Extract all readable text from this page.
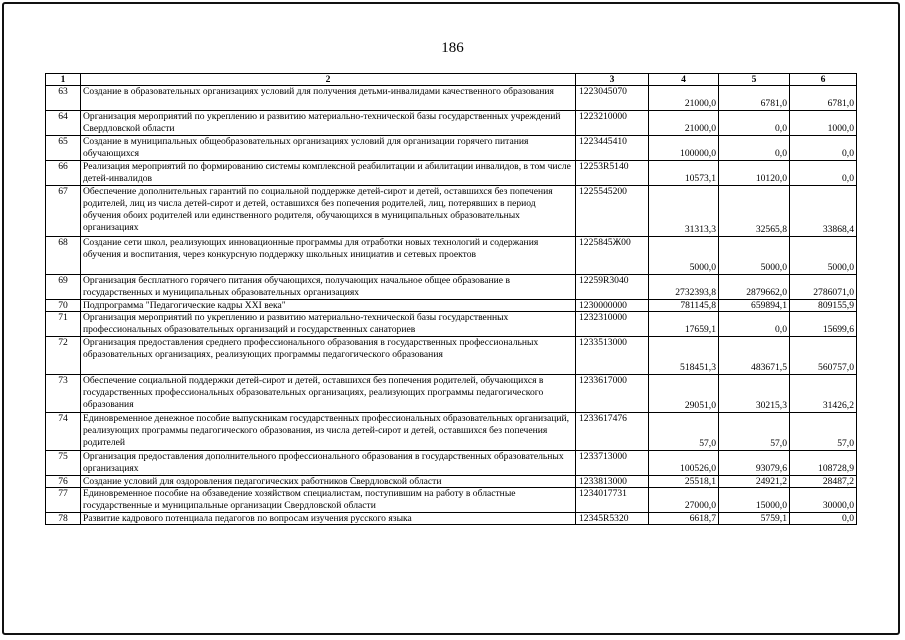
186
1	2	3	4	5	6
63	Создание в образовательных организациях условий для получения детьми-инвалидами качественного образования	1223045070	21000,0	6781,0	6781,0
64	Организация мероприятий по укреплению и развитию материально-технической базы государственных учреждений Свердловской области	1223210000	21000,0	0,0	1000,0
65	Создание в муниципальных общеобразовательных организациях условий для организации горячего питания обучающихся	1223445410	100000,0	0,0	0,0
66	Реализация мероприятий по формированию системы комплексной реабилитации и абилитации инвалидов, в том числе детей-инвалидов	12253R5140	10573,1	10120,0	0,0
67	Обеспечение дополнительных гарантий по социальной поддержке детей-сирот и детей, оставшихся без попечения родителей, лиц из числа детей-сирот и детей, оставшихся без попечения родителей, лиц, потерявших в период обучения обоих родителей или единственного родителя, обучающихся в муниципальных образовательных организациях	1225545200	31313,3	32565,8	33868,4
68	Создание сети школ, реализующих инновационные программы для отработки новых технологий и содержания обучения и воспитания, через конкурсную поддержку школьных инициатив и сетевых проектов	1225845Ж00	5000,0	5000,0	5000,0
69	Организация бесплатного горячего питания обучающихся, получающих начальное общее образование в государственных и муниципальных образовательных организациях	12259R3040	2732393,8	2879662,0	2786071,0
70	Подпрограмма "Педагогические кадры XXI века"	1230000000	781145,8	659894,1	809155,9
71	Организация мероприятий по укреплению и развитию материально-технической базы государственных профессиональных образовательных организаций и государственных санаториев	1232310000	17659,1	0,0	15699,6
72	Организация предоставления среднего профессионального образования в государственных профессиональных образовательных организациях, реализующих программы педагогического образования	1233513000	518451,3	483671,5	560757,0
73	Обеспечение социальной поддержки детей-сирот и детей, оставшихся без попечения родителей, обучающихся в государственных профессиональных образовательных организациях, реализующих программы педагогического образования	1233617000	29051,0	30215,3	31426,2
74	Единовременное денежное пособие выпускникам государственных профессиональных образовательных организаций, реализующих программы педагогического образования, из числа детей-сирот и детей, оставшихся без попечения родителей	1233617476	57,0	57,0	57,0
75	Организация предоставления дополнительного профессионального образования в государственных образовательных организациях	1233713000	100526,0	93079,6	108728,9
76	Создание условий для оздоровления педагогических работников Свердловской области	1233813000	25518,1	24921,2	28487,2
77	Единовременное пособие на обзаведение хозяйством специалистам, поступившим на работу в областные государственные и муниципальные организации Свердловской области	1234017731	27000,0	15000,0	30000,0
78	Развитие кадрового потенциала педагогов по вопросам изучения русского языка	12345R5320	6618,7	5759,1	0,0
